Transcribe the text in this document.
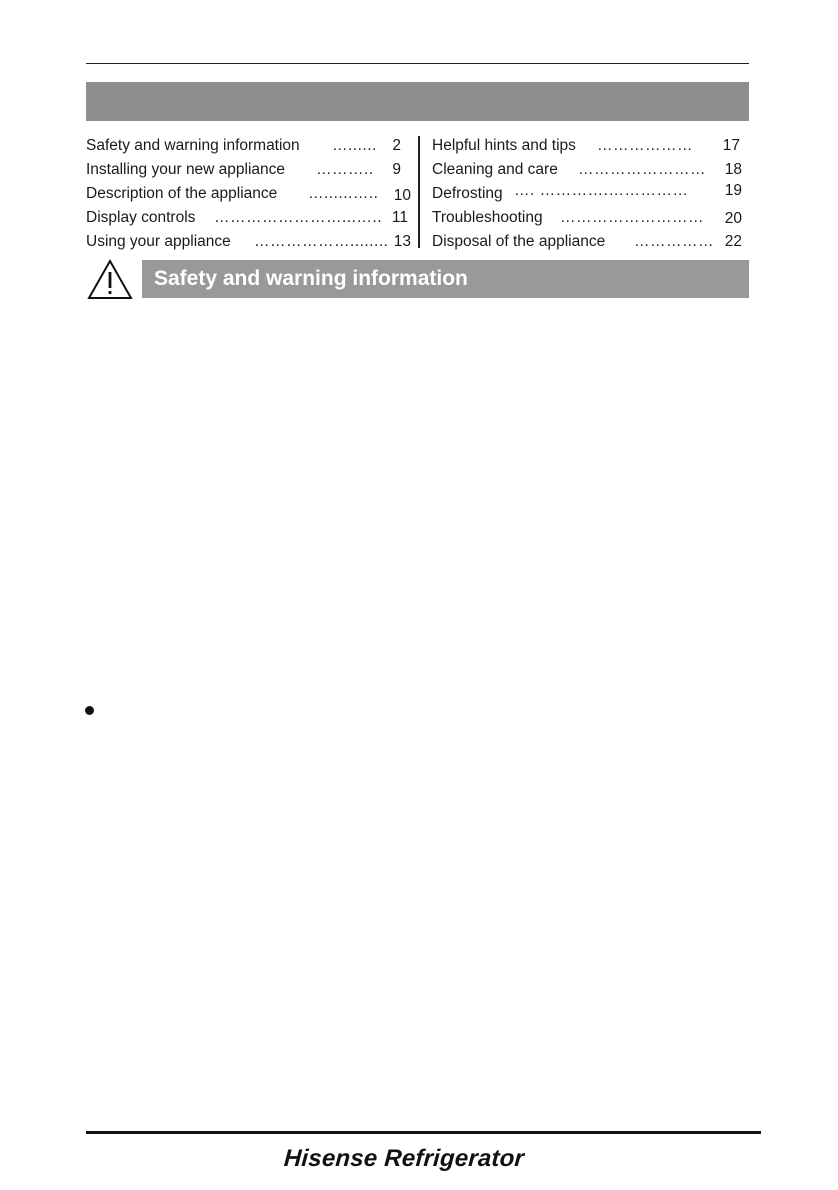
Safety and warning information …...... 2
Installing your new appliance ……….. 9
Description of the appliance …......….. 10
Display controls ……………………...….. 11
Using your appliance ………………........ 13
Helpful hints and tips ……………… 17
Cleaning and care …………………… 18
Defrosting …. ………….…………… 19
Troubleshooting ……………………… 20
Disposal of the appliance …………… 22
Safety and warning information
Hisense Refrigerator
